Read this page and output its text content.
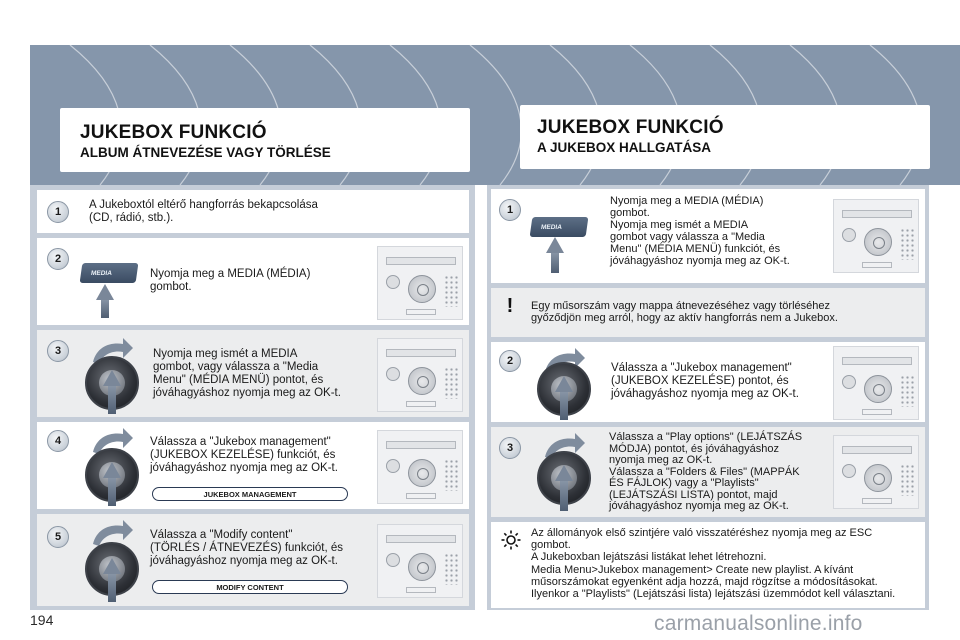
JUKEBOX FUNKCIÓ
ALBUM ÁTNEVEZÉSE VAGY TÖRLÉSE
1
A Jukeboxtól eltérő hangforrás bekapcsolása
(CD, rádió, stb.).
2
MEDIA	Nyomja meg a MEDIA (MÉDIA)
gombot.
3	Nyomja meg ismét a MEDIA
gombot, vagy válassza a "Media
Menu" (MÉDIA MENÜ) pontot, és
jóváhagyáshoz nyomja meg az OK-t.
4	Válassza a "Jukebox management"
(JUKEBOX KEZELÉSE) funkciót, és
jóváhagyáshoz nyomja meg az OK-t.
JUKEBOX MANAGEMENT
5	Válassza a "Modify content"
(TÖRLÉS / ÁTNEVEZÉS) funkciót, és
jóváhagyáshoz nyomja meg az OK-t.
MODIFY CONTENT
JUKEBOX FUNKCIÓ
A JUKEBOX HALLGATÁSA
1
MEDIA
Nyomja meg a MEDIA (MÉDIA)
gombot.
Nyomja meg ismét a MEDIA
gombot vagy válassza a "Media
Menu" (MÉDIA MENÜ) funkciót, és
jóváhagyáshoz nyomja meg az OK-t.
!	Egy műsorszám vagy mappa átnevezéséhez vagy törléséhez
győződjön meg arról, hogy az aktív hangforrás nem a Jukebox.
2
Válassza a "Jukebox management"
(JUKEBOX KEZELÉSE) pontot, és
jóváhagyáshoz nyomja meg az OK-t.
3
Válassza a "Play options" (LEJÁTSZÁS
MÓDJA) pontot, és jóváhagyáshoz
nyomja meg az OK-t.
Válassza a "Folders & Files" (MAPPÁK
ÉS FÁJLOK) vagy a "Playlists"
(LEJÁTSZÁSI LISTA) pontot, majd
jóváhagyáshoz nyomja meg az OK-t.
Az állományok első szintjére való visszatéréshez nyomja meg az ESC
gombot.
A Jukeboxban lejátszási listákat lehet létrehozni.
Media Menu>Jukebox management> Create new playlist. A kívánt
műsorszámokat egyenként adja hozzá, majd rögzítse a módosításokat.
Ilyenkor a "Playlists" (Lejátszási lista) lejátszási üzemmódot kell választani.
194	carmanualsonline.info
